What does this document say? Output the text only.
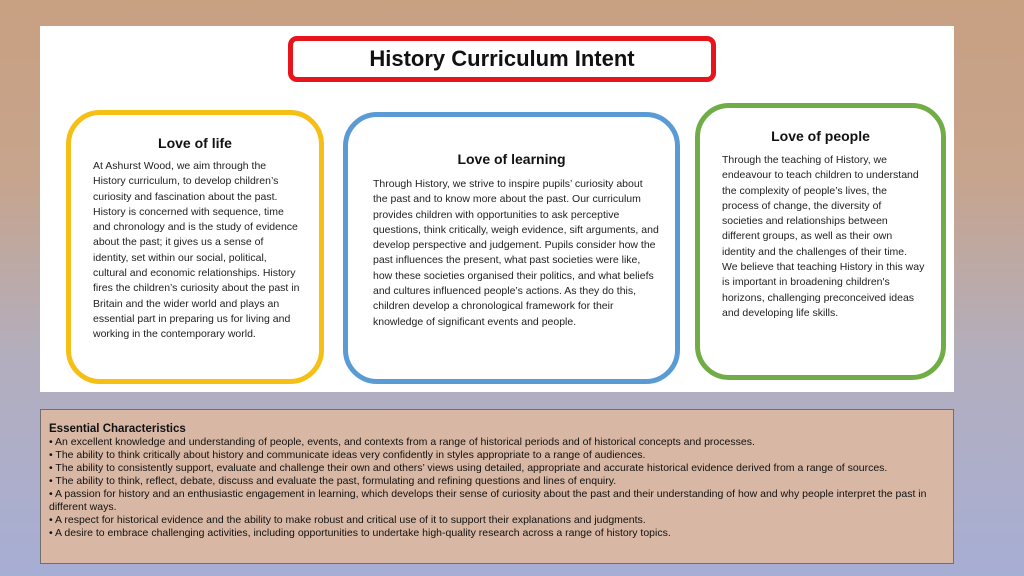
History Curriculum Intent
Love of life

At Ashurst Wood, we aim through the History curriculum, to develop children’s curiosity and fascination about the past. History is concerned with sequence, time and chronology and is the study of evidence about the past; it gives us a sense of identity, set within our social, political, cultural and economic relationships. History fires the children’s curiosity about the past in Britain and the wider world and plays an essential part in preparing us for living and working in the contemporary world.

Love of learning

Through History, we strive to inspire pupils’ curiosity about the past and to know more about the past. Our curriculum provides children with opportunities to ask perceptive questions, think critically, weigh evidence, sift arguments, and develop perspective and judgement. Pupils consider how the past influences the present, what past societies were like, how these societies organised their politics, and what beliefs and cultures influenced people’s actions. As they do this, children develop a chronological framework for their knowledge of significant events and people.

Love of people

Through the teaching of History, we endeavour to teach children to understand the complexity of people’s lives, the process of change, the diversity of societies and relationships between different groups, as well as their own identity and the challenges of their time. We believe that teaching History in this way is important in broadening children's horizons, challenging preconceived ideas and developing life skills.

Essential Characteristics
• An excellent knowledge and understanding of people, events, and contexts from a range of historical periods and of historical concepts and processes.
• The ability to think critically about history and communicate ideas very confidently in styles appropriate to a range of audiences.
• The ability to consistently support, evaluate and challenge their own and others’ views using detailed, appropriate and accurate historical evidence derived from a range of sources.
• The ability to think, reflect, debate, discuss and evaluate the past, formulating and refining questions and lines of enquiry.
• A passion for history and an enthusiastic engagement in learning, which develops their sense of curiosity about the past and their understanding of how and why people interpret the past in different ways.
• A respect for historical evidence and the ability to make robust and critical use of it to support their explanations and judgments.
• A desire to embrace challenging activities, including opportunities to undertake high-quality research across a range of history topics.
